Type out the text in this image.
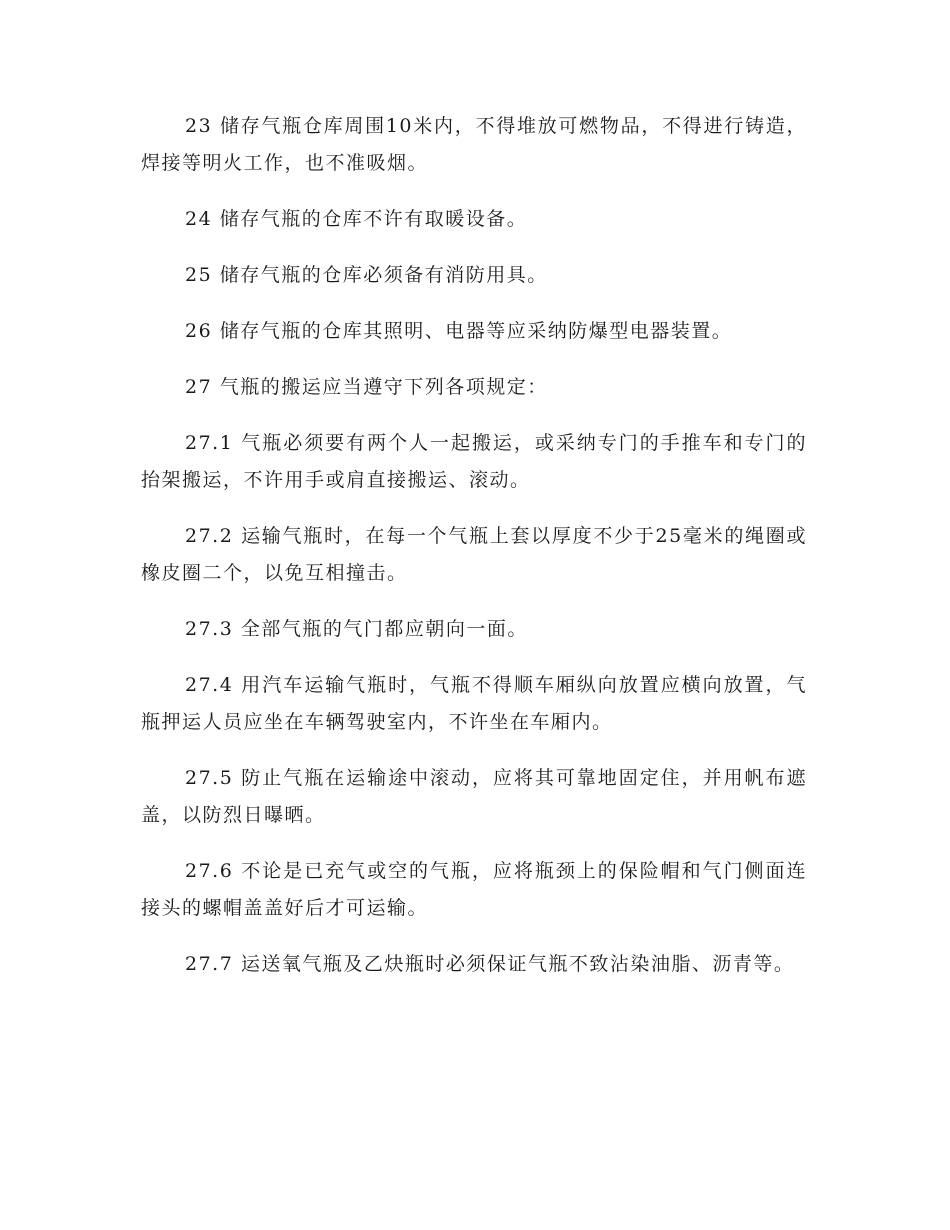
23 储存气瓶仓库周围10米内，不得堆放可燃物品，不得进行铸造，焊接等明火工作，也不准吸烟。

24 储存气瓶的仓库不许有取暖设备。

25 储存气瓶的仓库必须备有消防用具。

26 储存气瓶的仓库其照明、电器等应采纳防爆型电器装置。

27 气瓶的搬运应当遵守下列各项规定：

27.1 气瓶必须要有两个人一起搬运，或采纳专门的手推车和专门的抬架搬运，不许用手或肩直接搬运、滚动。

27.2 运输气瓶时，在每一个气瓶上套以厚度不少于25毫米的绳圈或橡皮圈二个，以免互相撞击。

27.3 全部气瓶的气门都应朝向一面。

27.4 用汽车运输气瓶时，气瓶不得顺车厢纵向放置应横向放置，气瓶押运人员应坐在车辆驾驶室内，不许坐在车厢内。

27.5 防止气瓶在运输途中滚动，应将其可靠地固定住，并用帆布遮盖，以防烈日曝晒。

27.6 不论是已充气或空的气瓶，应将瓶颈上的保险帽和气门侧面连接头的螺帽盖盖好后才可运输。

27.7 运送氧气瓶及乙炔瓶时必须保证气瓶不致沾染油脂、沥青等。
